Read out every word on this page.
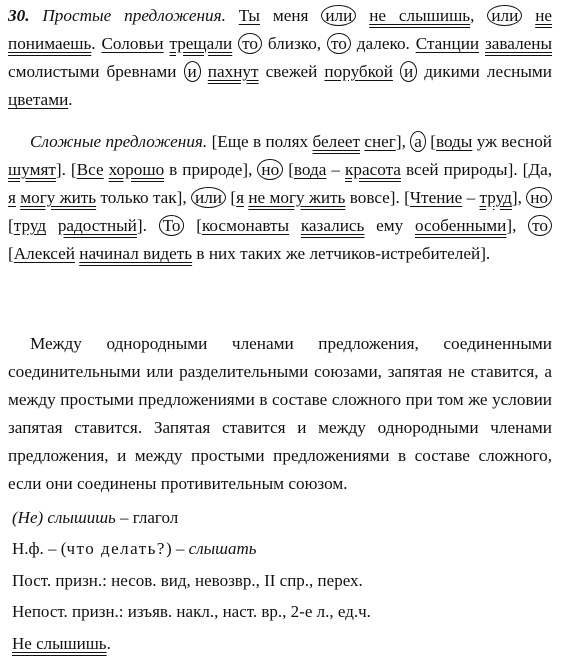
30. Простые предложения. Ты меня или не слышишь, или не понимаешь. Соловьи трещали то близко, то далеко. Станции завалены смолистыми бревнами и пахнут свежей порубкой и дикими лесными цветами.
Сложные предложения. [Еще в полях белеет снег], а [воды уж весной шумят]. [Все хорошо в природе], но [вода – красота всей природы]. [Да, я могу жить только так], или [я не могу жить вовсе]. [Чтение – труд], но [труд радостный]. То [космонавты казались ему особенными], то [Алексей начинал видеть в них таких же летчиков-истребителей].
Между однородными членами предложения, соединенными соединительными или разделительными союзами, запятая не ставится, а между простыми предложениями в составе сложного при том же условии запятая ставится. Запятая ставится и между однородными членами предложения, и между простыми предложениями в составе сложного, если они соединены противительным союзом.
(Не) слышишь – глагол
Н.ф. – (что делать?) – слышать
Пост. призн.: несов. вид, невозвр., II спр., перех.
Непост. призн.: изъяв. накл., наст. вр., 2-е л., ед.ч.
Не слышишь.
